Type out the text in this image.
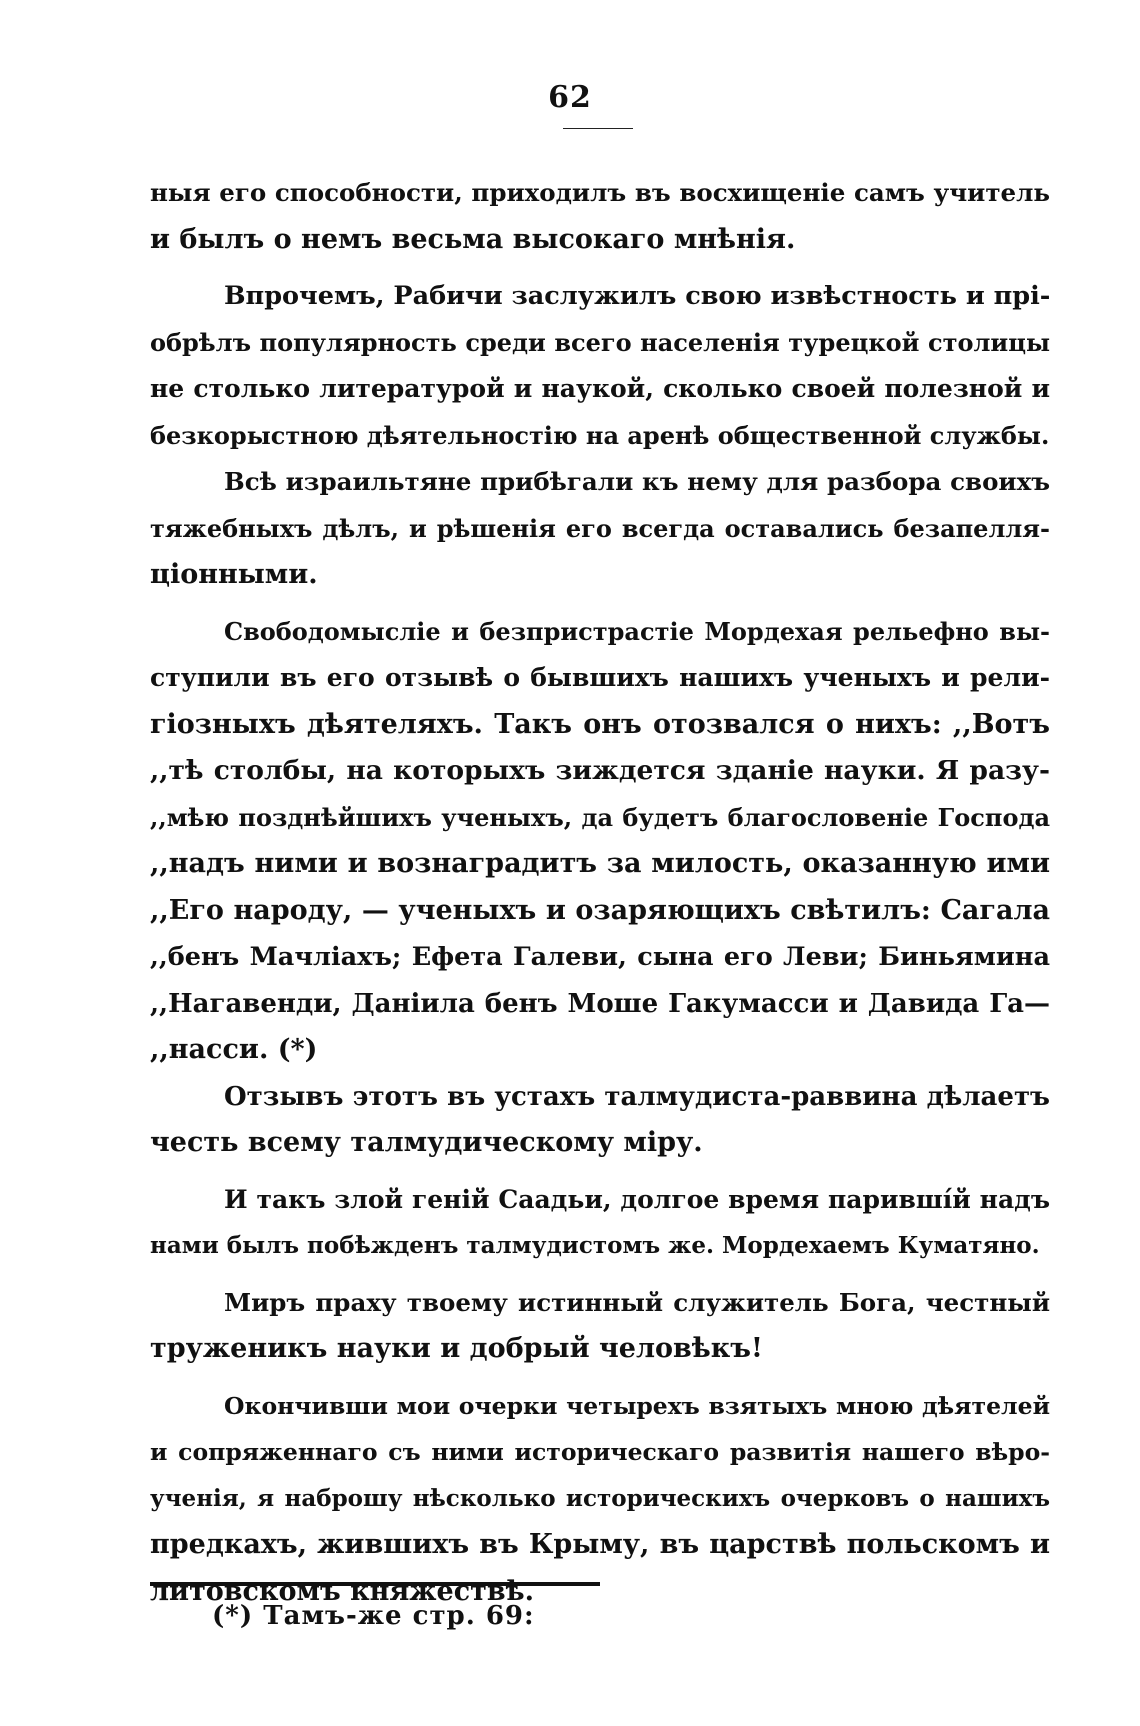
62
ныя его способности, приходилъ въ восхищеніе самъ учитель
и былъ о немъ весьма высокаго мнѣнія.
Впрочемъ, Рабичи заслужилъ свою извѣстность и прі-
обрѣлъ популярность среди всего населенія турецкой столицы
не столько литературой и наукой, сколько своей полезной и
безкорыстною дѣятельностію на аренѣ общественной службы.
Всѣ израильтяне прибѣгали къ нему для разбора своихъ
тяжебныхъ дѣлъ, и рѣшенія его всегда оставались безапелля-
ціонными.
Свободомысліе и безпристрастіе Мордехая рельефно вы-
ступили въ его отзывѣ о бывшихъ нашихъ ученыхъ и рели-
гіозныхъ дѣятеляхъ. Такъ онъ отозвался о нихъ: ,,Вотъ
,,тѣ столбы, на которыхъ зиждется зданіе науки. Я разу-
,,мѣю позднѣйшихъ ученыхъ, да будетъ благословеніе Господа
,,надъ ними и вознаградитъ за милость, оказанную ими
,,Его народу, — ученыхъ и озаряющихъ свѣтилъ: Сагала
,,бенъ Мачліахъ; Ефета Галеви, сына его Леви; Биньямина
,,Нагавенди, Даніила бенъ Моше Гакумасси и Давида Га—
,,насси. (*)
Отзывъ этотъ въ устахъ талмудиста-раввина дѣлаетъ
честь всему талмудическому міру.
И такъ злой геній Саадьи, долгое время паривші́й надъ
нами былъ побѣжденъ талмудистомъ же. Мордехаемъ Куматяно.
Миръ праху твоему истинный служитель Бога, честный
труженикъ науки и добрый человѣкъ!
Окончивши мои очерки четырехъ взятыхъ мною дѣятелей
и сопряженнаго съ ними историческаго развитія нашего вѣро-
ученія, я наброшу нѣсколько историческихъ очерковъ о нашихъ
предкахъ, жившихъ въ Крыму, въ царствѣ польскомъ и
литовскомъ княжествѣ.
(*) Тамъ-же стр. 69:
